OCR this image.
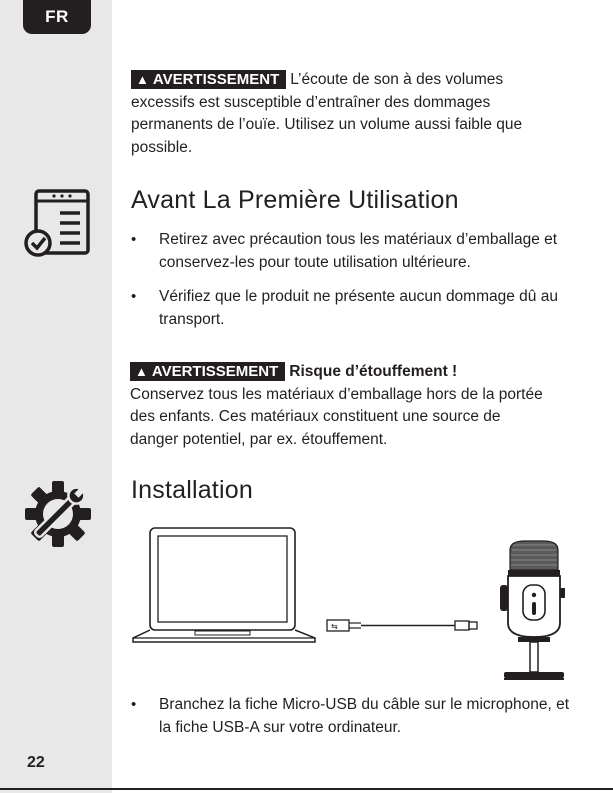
FR
22

▲ AVERTISSEMENT L’écoute de son à des volumes excessifs est susceptible d’entraîner des dommages permanents de l’ouïe. Utilisez un volume aussi faible que possible.

Avant La Première Utilisation
• Retirez avec précaution tous les matériaux d’emballage et conservez-les pour toute utilisation ultérieure.
• Vérifiez que le produit ne présente aucun dommage dû au transport.

▲ AVERTISSEMENT Risque d’étouffement !
Conservez tous les matériaux d’emballage hors de la portée des enfants. Ces matériaux constituent une source de danger potentiel, par ex. étouffement.

Installation
⇆
• Branchez la fiche Micro-USB du câble sur le microphone, et la fiche USB-A sur votre ordinateur.
